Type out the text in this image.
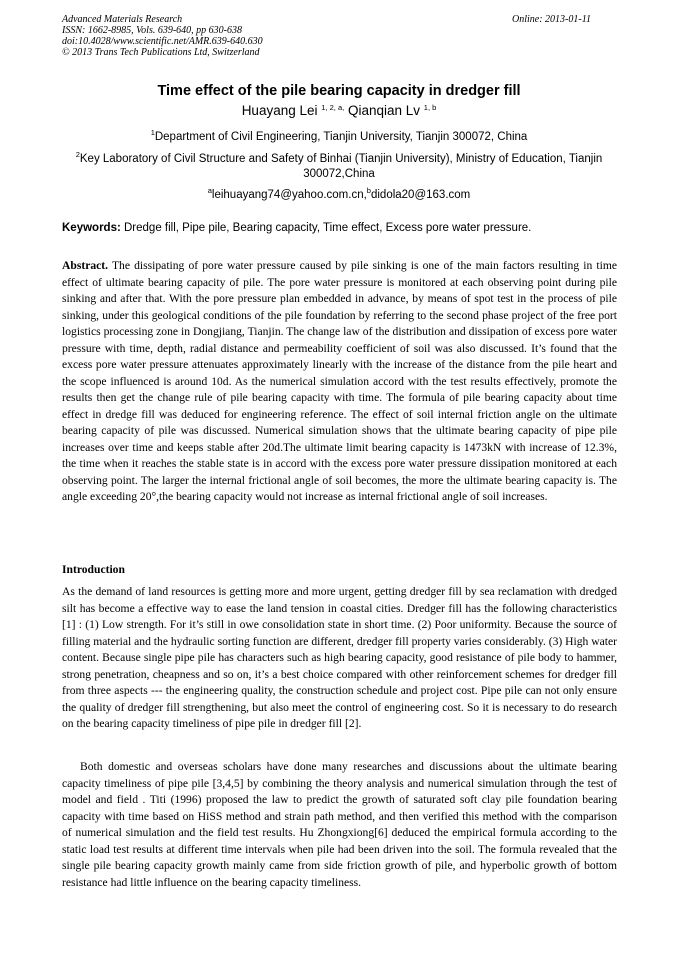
Advanced Materials Research
ISSN: 1662-8985, Vols. 639-640, pp 630-638
doi:10.4028/www.scientific.net/AMR.639-640.630
© 2013 Trans Tech Publications Ltd, Switzerland
Online: 2013-01-11
Time effect of the pile bearing capacity in dredger fill
Huayang Lei $^{1, 2, a,}$ Qianqian Lv $^{1, b}$
$^1$Department of Civil Engineering, Tianjin University, Tianjin 300072, China
$^2$Key Laboratory of Civil Structure and Safety of Binhai (Tianjin University), Ministry of Education, Tianjin 300072,China
$^a$leihuayang74@yahoo.com.cn,$^b$didola20@163.com
Keywords: Dredge fill, Pipe pile, Bearing capacity, Time effect, Excess pore water pressure.
Abstract. The dissipating of pore water pressure caused by pile sinking is one of the main factors resulting in time effect of ultimate bearing capacity of pile. The pore water pressure is monitored at each observing point during pile sinking and after that. With the pore pressure plan embedded in advance, by means of spot test in the process of pile sinking, under this geological conditions of the pile foundation by referring to the second phase project of the free port logistics processing zone in Dongjiang, Tianjin. The change law of the distribution and dissipation of excess pore water pressure with time, depth, radial distance and permeability coefficient of soil was also discussed. It’s found that the excess pore water pressure attenuates approximately linearly with the increase of the distance from the pile heart and the scope influenced is around 10d. As the numerical simulation accord with the test results effectively, promote the results then get the change rule of pile bearing capacity with time. The formula of pile bearing capacity about time effect in dredge fill was deduced for engineering reference. The effect of soil internal friction angle on the ultimate bearing capacity of pile was discussed. Numerical simulation shows that the ultimate bearing capacity of pipe pile increases over time and keeps stable after 20d.The ultimate limit bearing capacity is 1473kN with increase of 12.3%, the time when it reaches the stable state is in accord with the excess pore water pressure dissipation monitored at each observing point. The larger the internal frictional angle of soil becomes, the more the ultimate bearing capacity is. The angle exceeding 20°,the bearing capacity would not increase as internal frictional angle of soil increases.
Introduction
As the demand of land resources is getting more and more urgent, getting dredger fill by sea reclamation with dredged silt has become a effective way to ease the land tension in coastal cities. Dredger fill has the following characteristics [1] : (1) Low strength. For it’s still in owe consolidation state in short time. (2) Poor uniformity. Because the source of filling material and the hydraulic sorting function are different, dredger fill property varies considerably. (3) High water content. Because single pipe pile has characters such as high bearing capacity, good resistance of pile body to hammer, strong penetration, cheapness and so on, it’s a best choice compared with other reinforcement schemes for dredger fill from three aspects --- the engineering quality, the construction schedule and project cost. Pipe pile can not only ensure the quality of dredger fill strengthening, but also meet the control of engineering cost. So it is necessary to do research on the bearing capacity timeliness of pipe pile in dredger fill [2].
Both domestic and overseas scholars have done many researches and discussions about the ultimate bearing capacity timeliness of pipe pile [3,4,5] by combining the theory analysis and numerical simulation through the test of model and field . Titi (1996) proposed the law to predict the growth of saturated soft clay pile foundation bearing capacity with time based on HiSS method and strain path method, and then verified this method with the comparison of numerical simulation and the field test results. Hu Zhongxiong[6] deduced the empirical formula according to the static load test results at different time intervals when pile had been driven into the soil. The formula revealed that the single pile bearing capacity growth mainly came from side friction growth of pile, and hyperbolic growth of bottom resistance had little influence on the bearing capacity timeliness.
